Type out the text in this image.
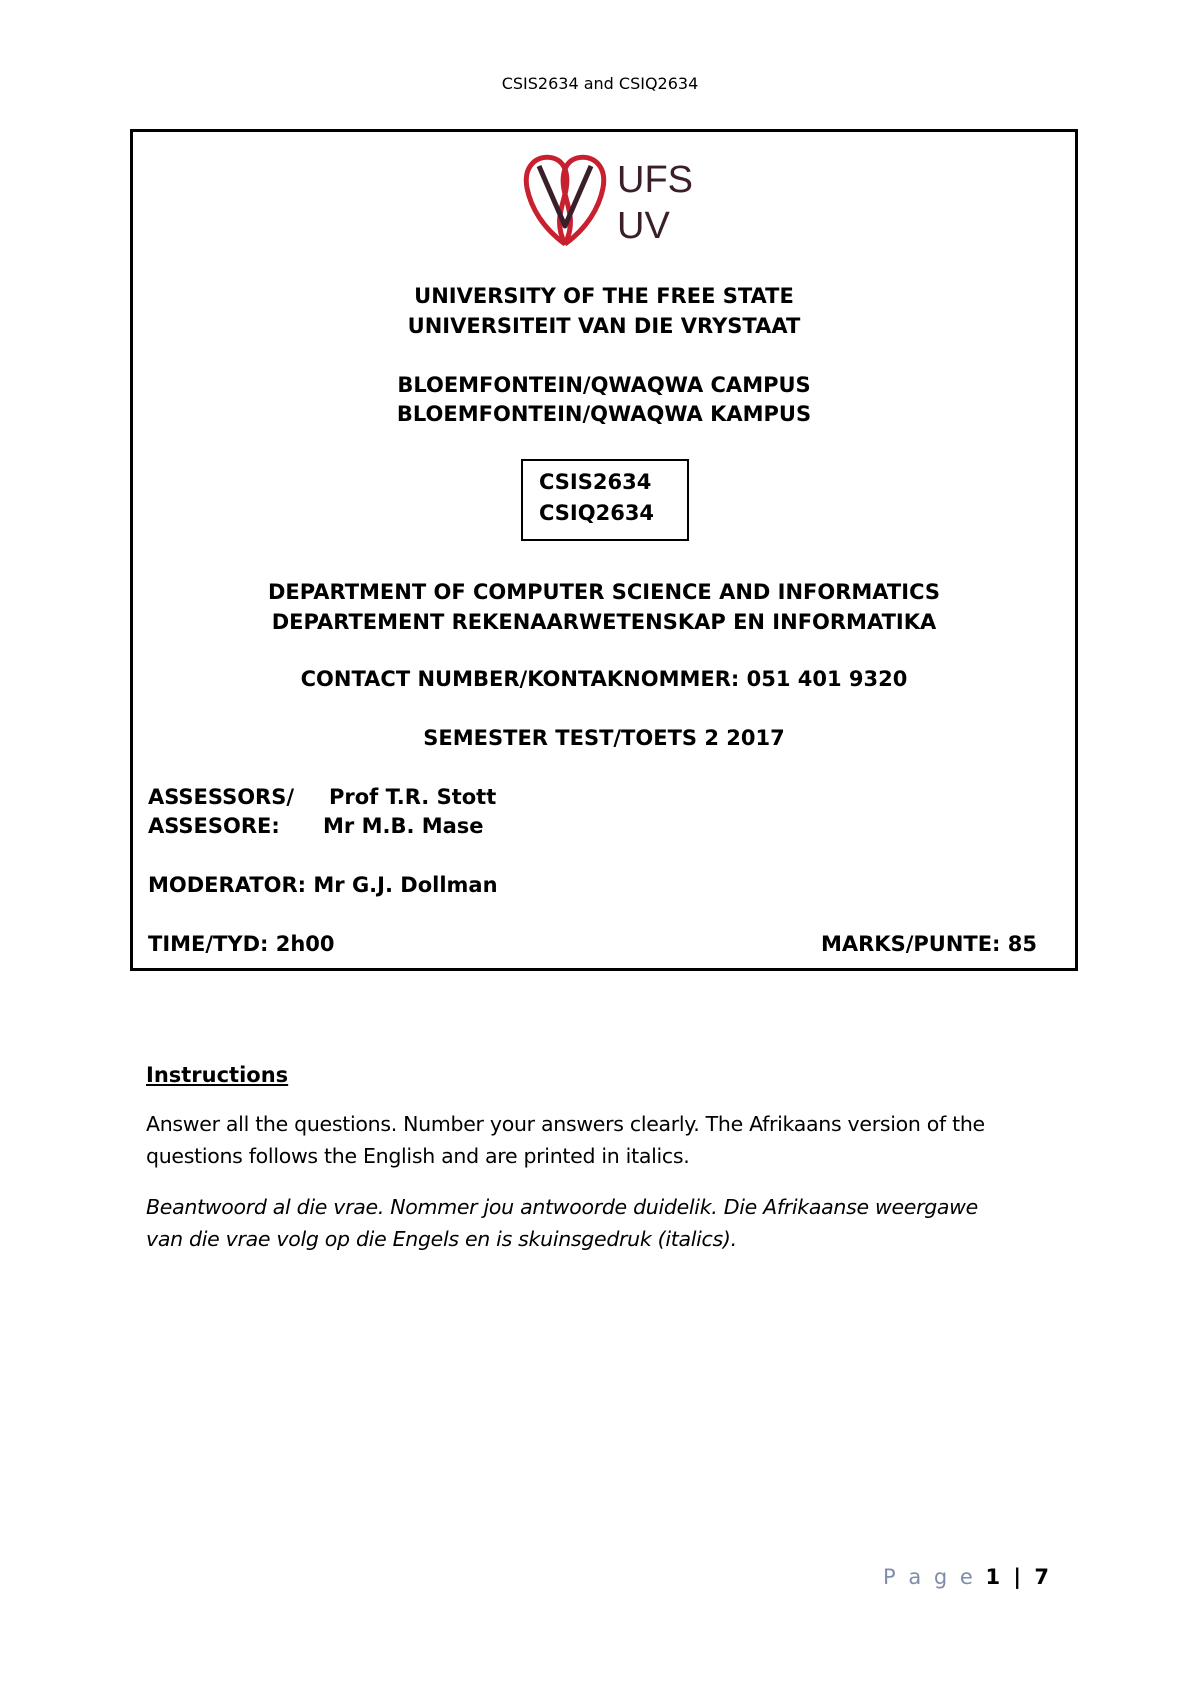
CSIS2634 and CSIQ2634
UFS
UV
UNIVERSITY OF THE FREE STATE
UNIVERSITEIT VAN DIE VRYSTAAT
BLOEMFONTEIN/QWAQWA CAMPUS
BLOEMFONTEIN/QWAQWA KAMPUS
CSIS2634
CSIQ2634
DEPARTMENT OF COMPUTER SCIENCE AND INFORMATICS
DEPARTEMENT REKENAARWETENSKAP EN INFORMATIKA
CONTACT NUMBER/KONTAKNOMMER: 051 401 9320
SEMESTER TEST/TOETS 2 2017
ASSESSORS/ Prof T.R. Stott
ASSESORE: Mr M.B. Mase
MODERATOR: Mr G.J. Dollman
TIME/TYD: 2h00	MARKS/PUNTE: 85
Instructions
Answer all the questions. Number your answers clearly. The Afrikaans version of the
questions follows the English and are printed in italics.
Beantwoord al die vrae. Nommer jou antwoorde duidelik. Die Afrikaanse weergawe
van die vrae volg op die Engels en is skuinsgedruk (italics).
P a g e 1 | 7
